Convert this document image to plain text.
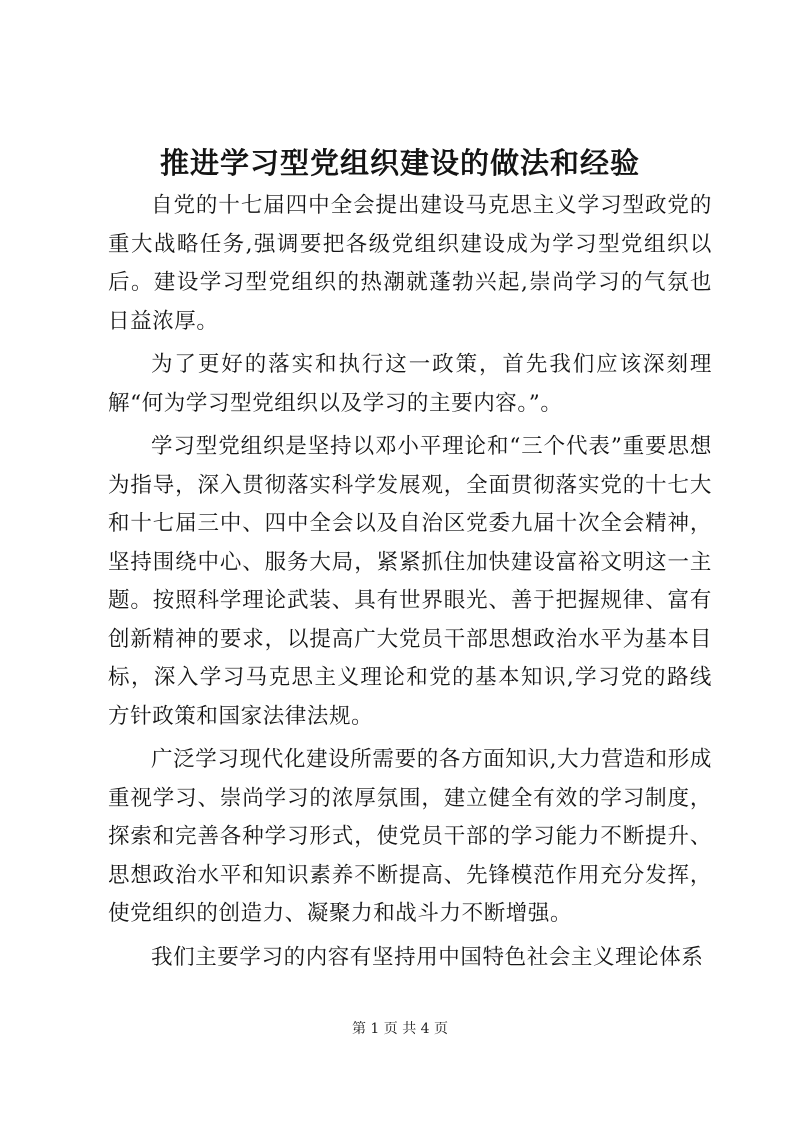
推进学习型党组织建设的做法和经验

自党的十七届四中全会提出建设马克思主义学习型政党的重大战略任务,强调要把各级党组织建设成为学习型党组织以后。建设学习型党组织的热潮就蓬勃兴起,崇尚学习的气氛也日益浓厚。

为了更好的落实和执行这一政策，首先我们应该深刻理解“何为学习型党组织以及学习的主要内容。”。

学习型党组织是坚持以邓小平理论和“三个代表”重要思想为指导，深入贯彻落实科学发展观，全面贯彻落实党的十七大和十七届三中、四中全会以及自治区党委九届十次全会精神，坚持围绕中心、服务大局，紧紧抓住加快建设富裕文明这一主题。按照科学理论武装、具有世界眼光、善于把握规律、富有创新精神的要求，以提高广大党员干部思想政治水平为基本目标，深入学习马克思主义理论和党的基本知识,学习党的路线方针政策和国家法律法规。

广泛学习现代化建设所需要的各方面知识,大力营造和形成重视学习、崇尚学习的浓厚氛围，建立健全有效的学习制度，探索和完善各种学习形式，使党员干部的学习能力不断提升、思想政治水平和知识素养不断提高、先锋模范作用充分发挥，使党组织的创造力、凝聚力和战斗力不断增强。

我们主要学习的内容有坚持用中国特色社会主义理论体系

第 1 页 共 4 页
